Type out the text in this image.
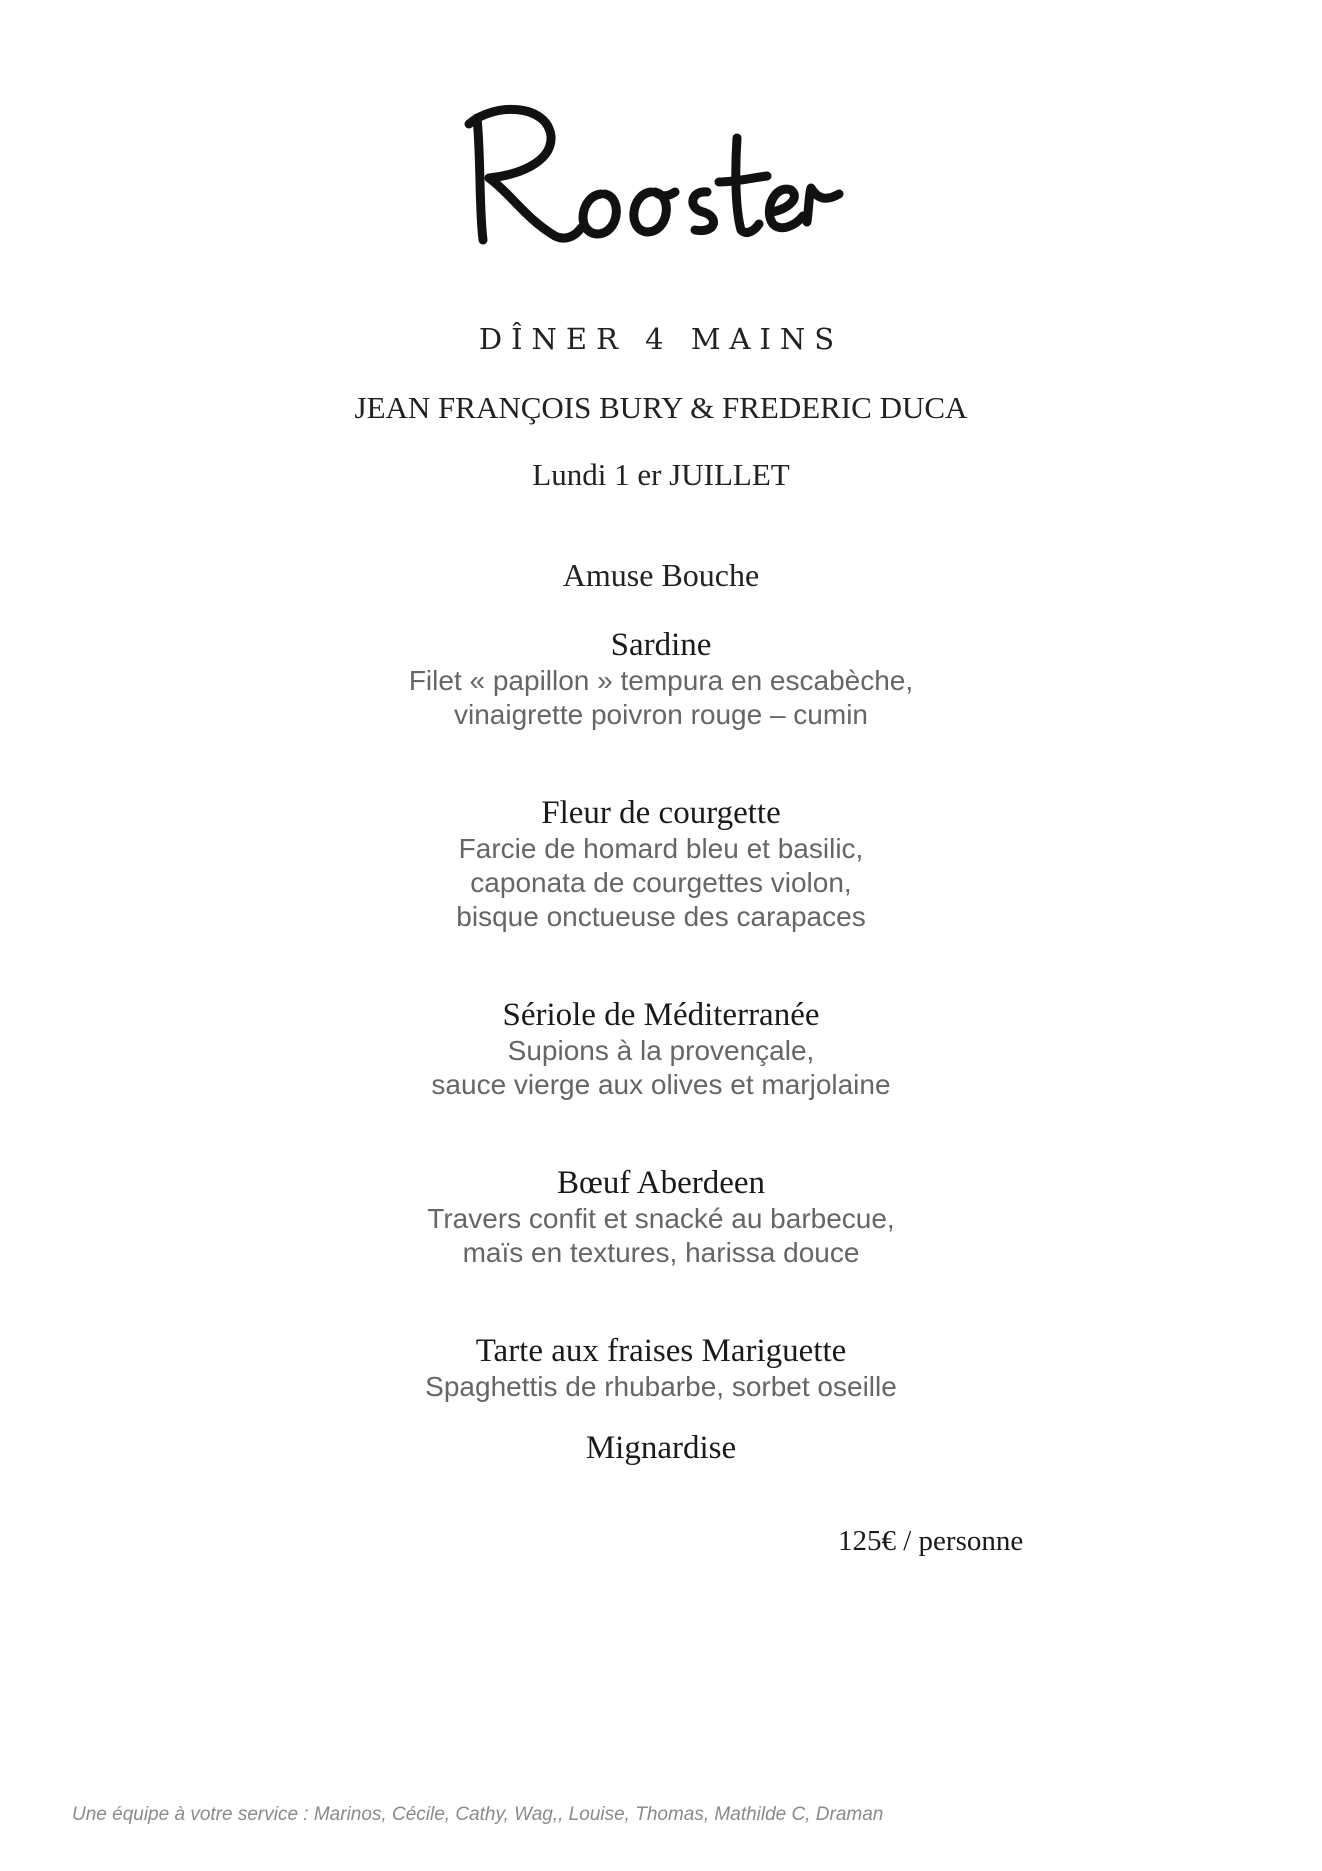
DÎNER 4 MAINS
JEAN FRANÇOIS BURY & FREDERIC DUCA
Lundi 1 er JUILLET
Amuse Bouche
Sardine
Filet « papillon » tempura en escabèche,
vinaigrette poivron rouge – cumin
Fleur de courgette
Farcie de homard bleu et basilic,
caponata de courgettes violon,
bisque onctueuse des carapaces
Sériole de Méditerranée
Supions à la provençale,
sauce vierge aux olives et marjolaine
Bœuf Aberdeen
Travers confit et snacké au barbecue,
maïs en textures, harissa douce
Tarte aux fraises Mariguette
Spaghettis de rhubarbe, sorbet oseille
Mignardise
125€ / personne
Une équipe à votre service : Marinos, Cécile, Cathy, Wag,, Louise, Thomas, Mathilde C, Draman
